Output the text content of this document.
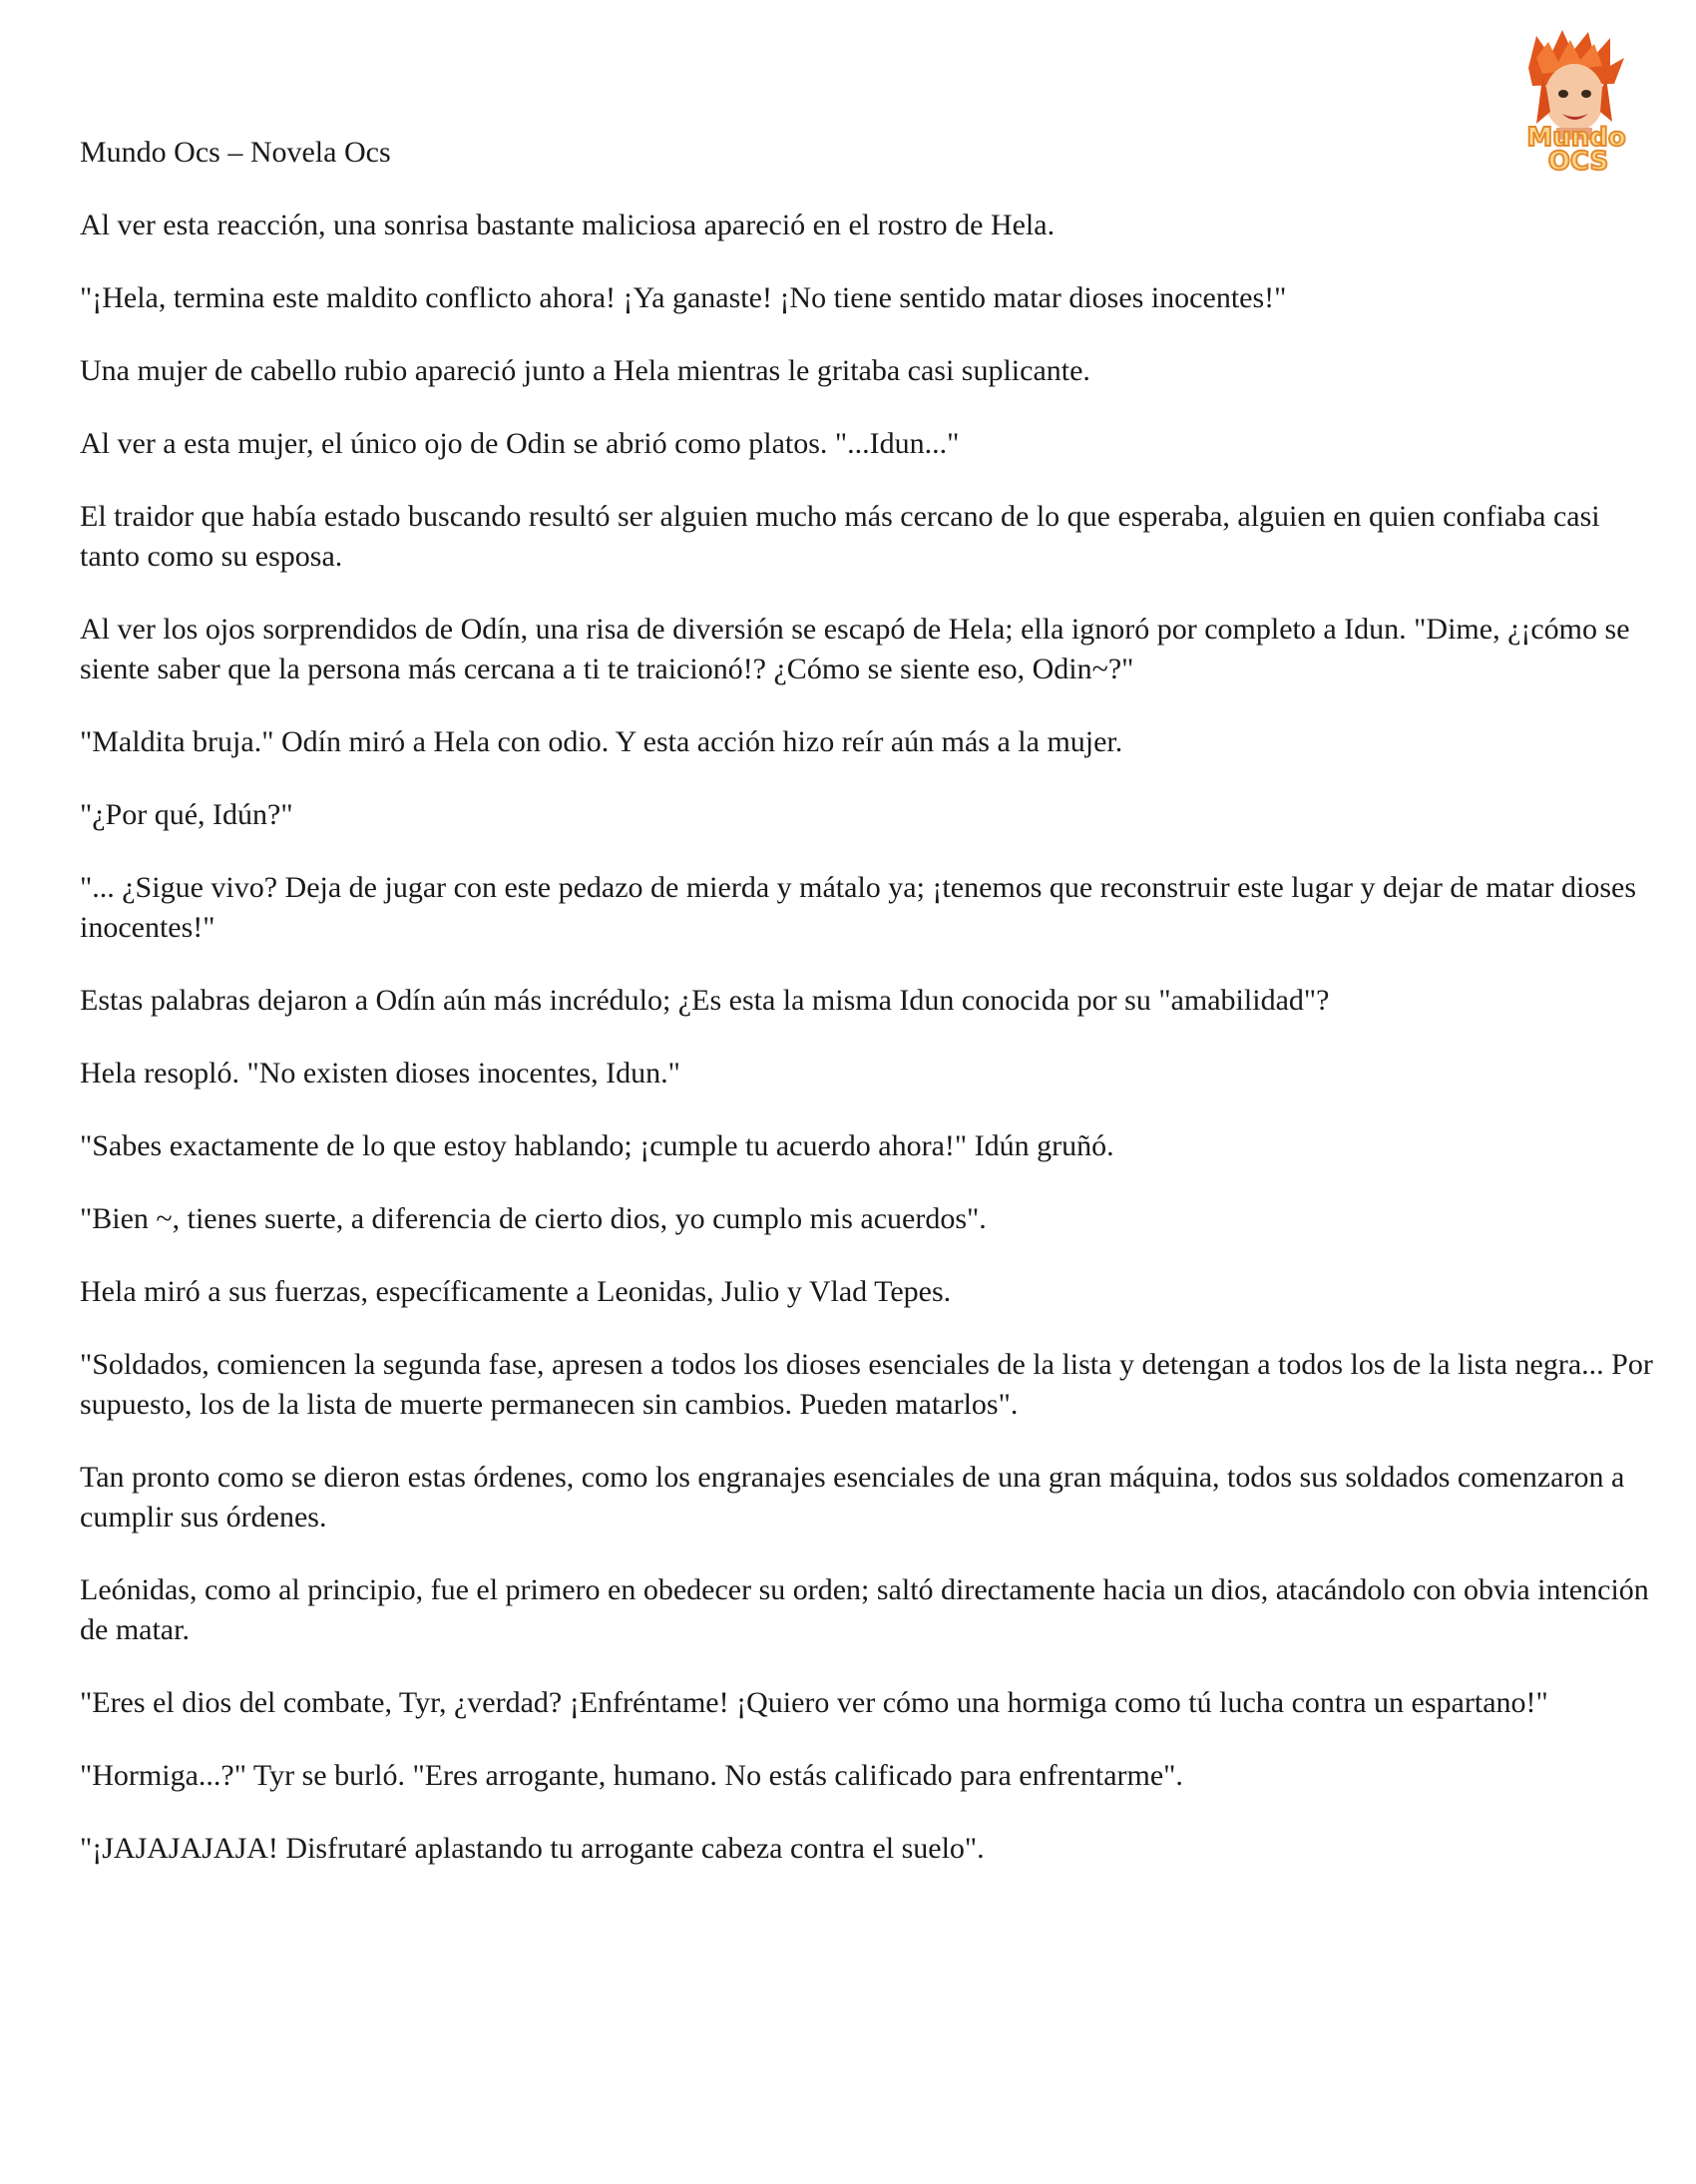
Mundo Ocs – Novela Ocs	Mundo
OCS

Al ver esta reacción, una sonrisa bastante maliciosa apareció en el rostro de Hela.

"¡Hela, termina este maldito conflicto ahora! ¡Ya ganaste! ¡No tiene sentido matar dioses inocentes!"

Una mujer de cabello rubio apareció junto a Hela mientras le gritaba casi suplicante.

Al ver a esta mujer, el único ojo de Odin se abrió como platos. "...Idun..."

El traidor que había estado buscando resultó ser alguien mucho más cercano de lo que esperaba, alguien en quien confiaba casi tanto como su esposa.

Al ver los ojos sorprendidos de Odín, una risa de diversión se escapó de Hela; ella ignoró por completo a Idun. "Dime, ¿¡cómo se siente saber que la persona más cercana a ti te traicionó!? ¿Cómo se siente eso, Odin~?"

"Maldita bruja." Odín miró a Hela con odio. Y esta acción hizo reír aún más a la mujer.

"¿Por qué, Idún?"

"... ¿Sigue vivo? Deja de jugar con este pedazo de mierda y mátalo ya; ¡tenemos que reconstruir este lugar y dejar de matar dioses inocentes!"

Estas palabras dejaron a Odín aún más incrédulo; ¿Es esta la misma Idun conocida por su "amabilidad"?

Hela resopló. "No existen dioses inocentes, Idun."

"Sabes exactamente de lo que estoy hablando; ¡cumple tu acuerdo ahora!" Idún gruñó.

"Bien ~, tienes suerte, a diferencia de cierto dios, yo cumplo mis acuerdos".

Hela miró a sus fuerzas, específicamente a Leonidas, Julio y Vlad Tepes.

"Soldados, comiencen la segunda fase, apresen a todos los dioses esenciales de la lista y detengan a todos los de la lista negra... Por supuesto, los de la lista de muerte permanecen sin cambios. Pueden matarlos".

Tan pronto como se dieron estas órdenes, como los engranajes esenciales de una gran máquina, todos sus soldados comenzaron a cumplir sus órdenes.

Leónidas, como al principio, fue el primero en obedecer su orden; saltó directamente hacia un dios, atacándolo con obvia intención de matar.

"Eres el dios del combate, Tyr, ¿verdad? ¡Enfréntame! ¡Quiero ver cómo una hormiga como tú lucha contra un espartano!"

"Hormiga...?" Tyr se burló. "Eres arrogante, humano. No estás calificado para enfrentarme".

"¡JAJAJAJAJA! Disfrutaré aplastando tu arrogante cabeza contra el suelo".
